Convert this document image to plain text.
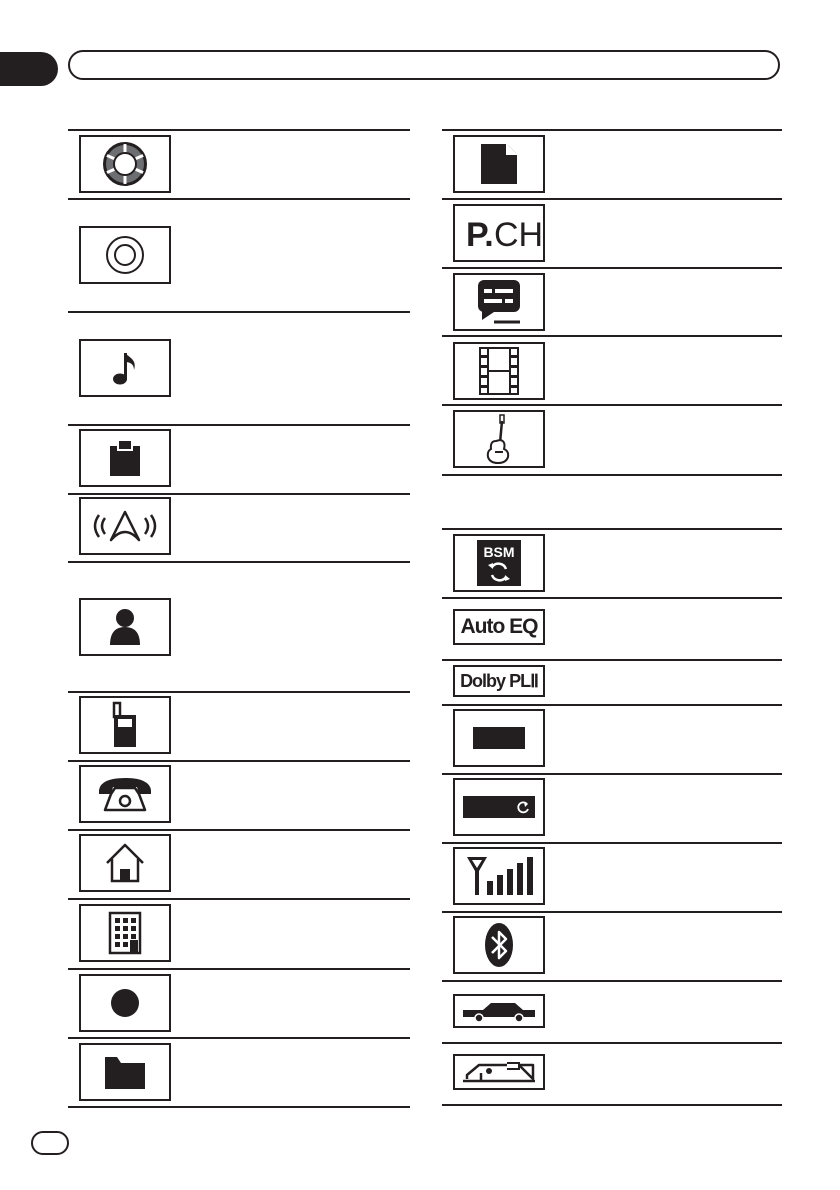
P. CH
BSM
Auto EQ
Dolby PLⅡ
